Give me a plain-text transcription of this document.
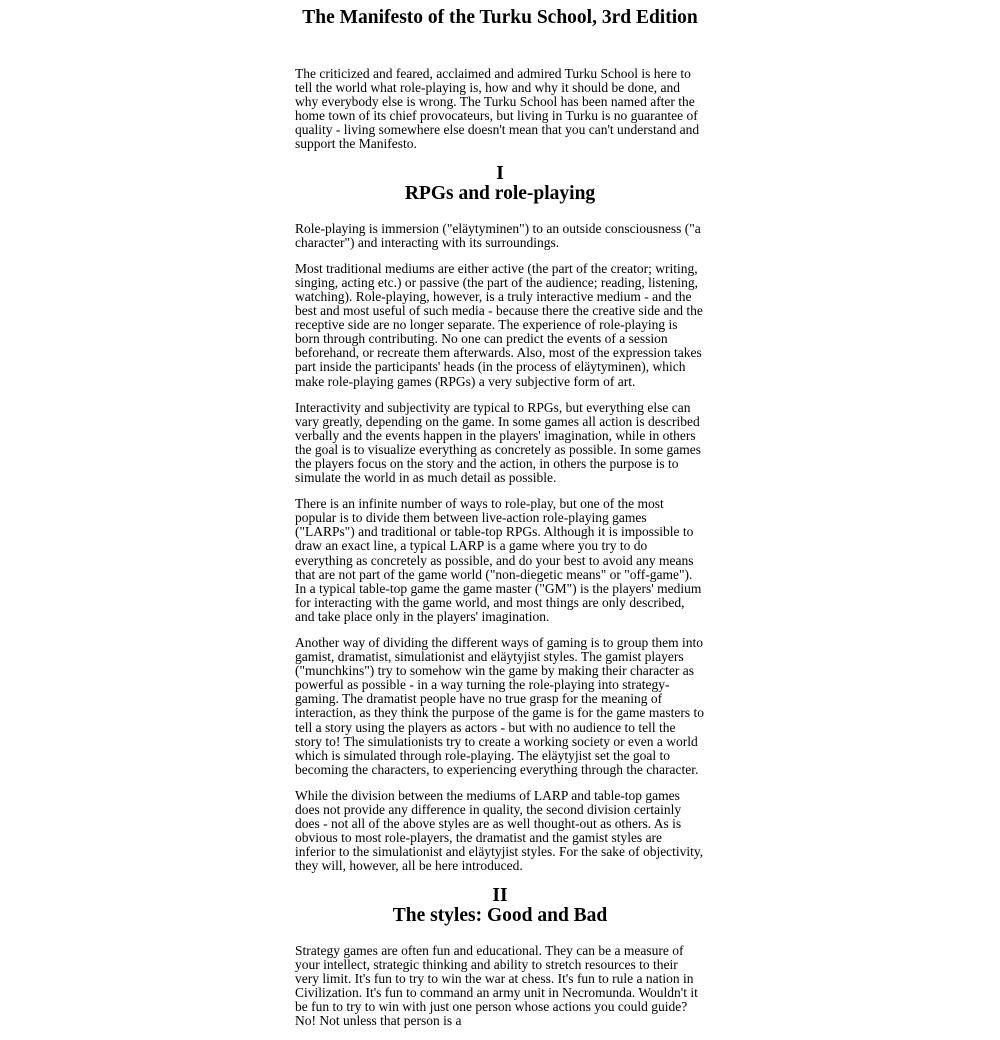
The Manifesto of the Turku School, 3rd Edition

The criticized and feared, acclaimed and admired Turku School is here to tell the world what role-playing is, how and why it should be done, and why everybody else is wrong. The Turku School has been named after the home town of its chief provocateurs, but living in Turku is no guarantee of quality - living somewhere else doesn't mean that you can't understand and support the Manifesto.

I
RPGs and role-playing

Role-playing is immersion ("eläytyminen") to an outside consciousness ("a character") and interacting with its surroundings.

Most traditional mediums are either active (the part of the creator; writing, singing, acting etc.) or passive (the part of the audience; reading, listening, watching). Role-playing, however, is a truly interactive medium - and the best and most useful of such media - because there the creative side and the receptive side are no longer separate. The experience of role-playing is born through contributing. No one can predict the events of a session beforehand, or recreate them afterwards. Also, most of the expression takes part inside the participants' heads (in the process of eläytyminen), which make role-playing games (RPGs) a very subjective form of art.

Interactivity and subjectivity are typical to RPGs, but everything else can vary greatly, depending on the game. In some games all action is described verbally and the events happen in the players' imagination, while in others the goal is to visualize everything as concretely as possible. In some games the players focus on the story and the action, in others the purpose is to simulate the world in as much detail as possible.

There is an infinite number of ways to role-play, but one of the most popular is to divide them between live-action role-playing games ("LARPs") and traditional or table-top RPGs. Although it is impossible to draw an exact line, a typical LARP is a game where you try to do everything as concretely as possible, and do your best to avoid any means that are not part of the game world ("non-diegetic means" or "off-game"). In a typical table-top game the game master ("GM") is the players' medium for interacting with the game world, and most things are only described, and take place only in the players' imagination.

Another way of dividing the different ways of gaming is to group them into gamist, dramatist, simulationist and eläytyjist styles. The gamist players ("munchkins") try to somehow win the game by making their character as powerful as possible - in a way turning the role-playing into strategy-gaming. The dramatist people have no true grasp for the meaning of interaction, as they think the purpose of the game is for the game masters to tell a story using the players as actors - but with no audience to tell the story to! The simulationists try to create a working society or even a world which is simulated through role-playing. The eläytyjist set the goal to becoming the characters, to experiencing everything through the character.

While the division between the mediums of LARP and table-top games does not provide any difference in quality, the second division certainly does - not all of the above styles are as well thought-out as others. As is obvious to most role-players, the dramatist and the gamist styles are inferior to the simulationist and eläytyjist styles. For the sake of objectivity, they will, however, all be here introduced.

II
The styles: Good and Bad

Strategy games are often fun and educational. They can be a measure of your intellect, strategic thinking and ability to stretch resources to their very limit. It's fun to try to win the war at chess. It's fun to rule a nation in Civilization. It's fun to command an army unit in Necromunda. Wouldn't it be fun to try to win with just one person whose actions you could guide? No! Not unless that person is a
